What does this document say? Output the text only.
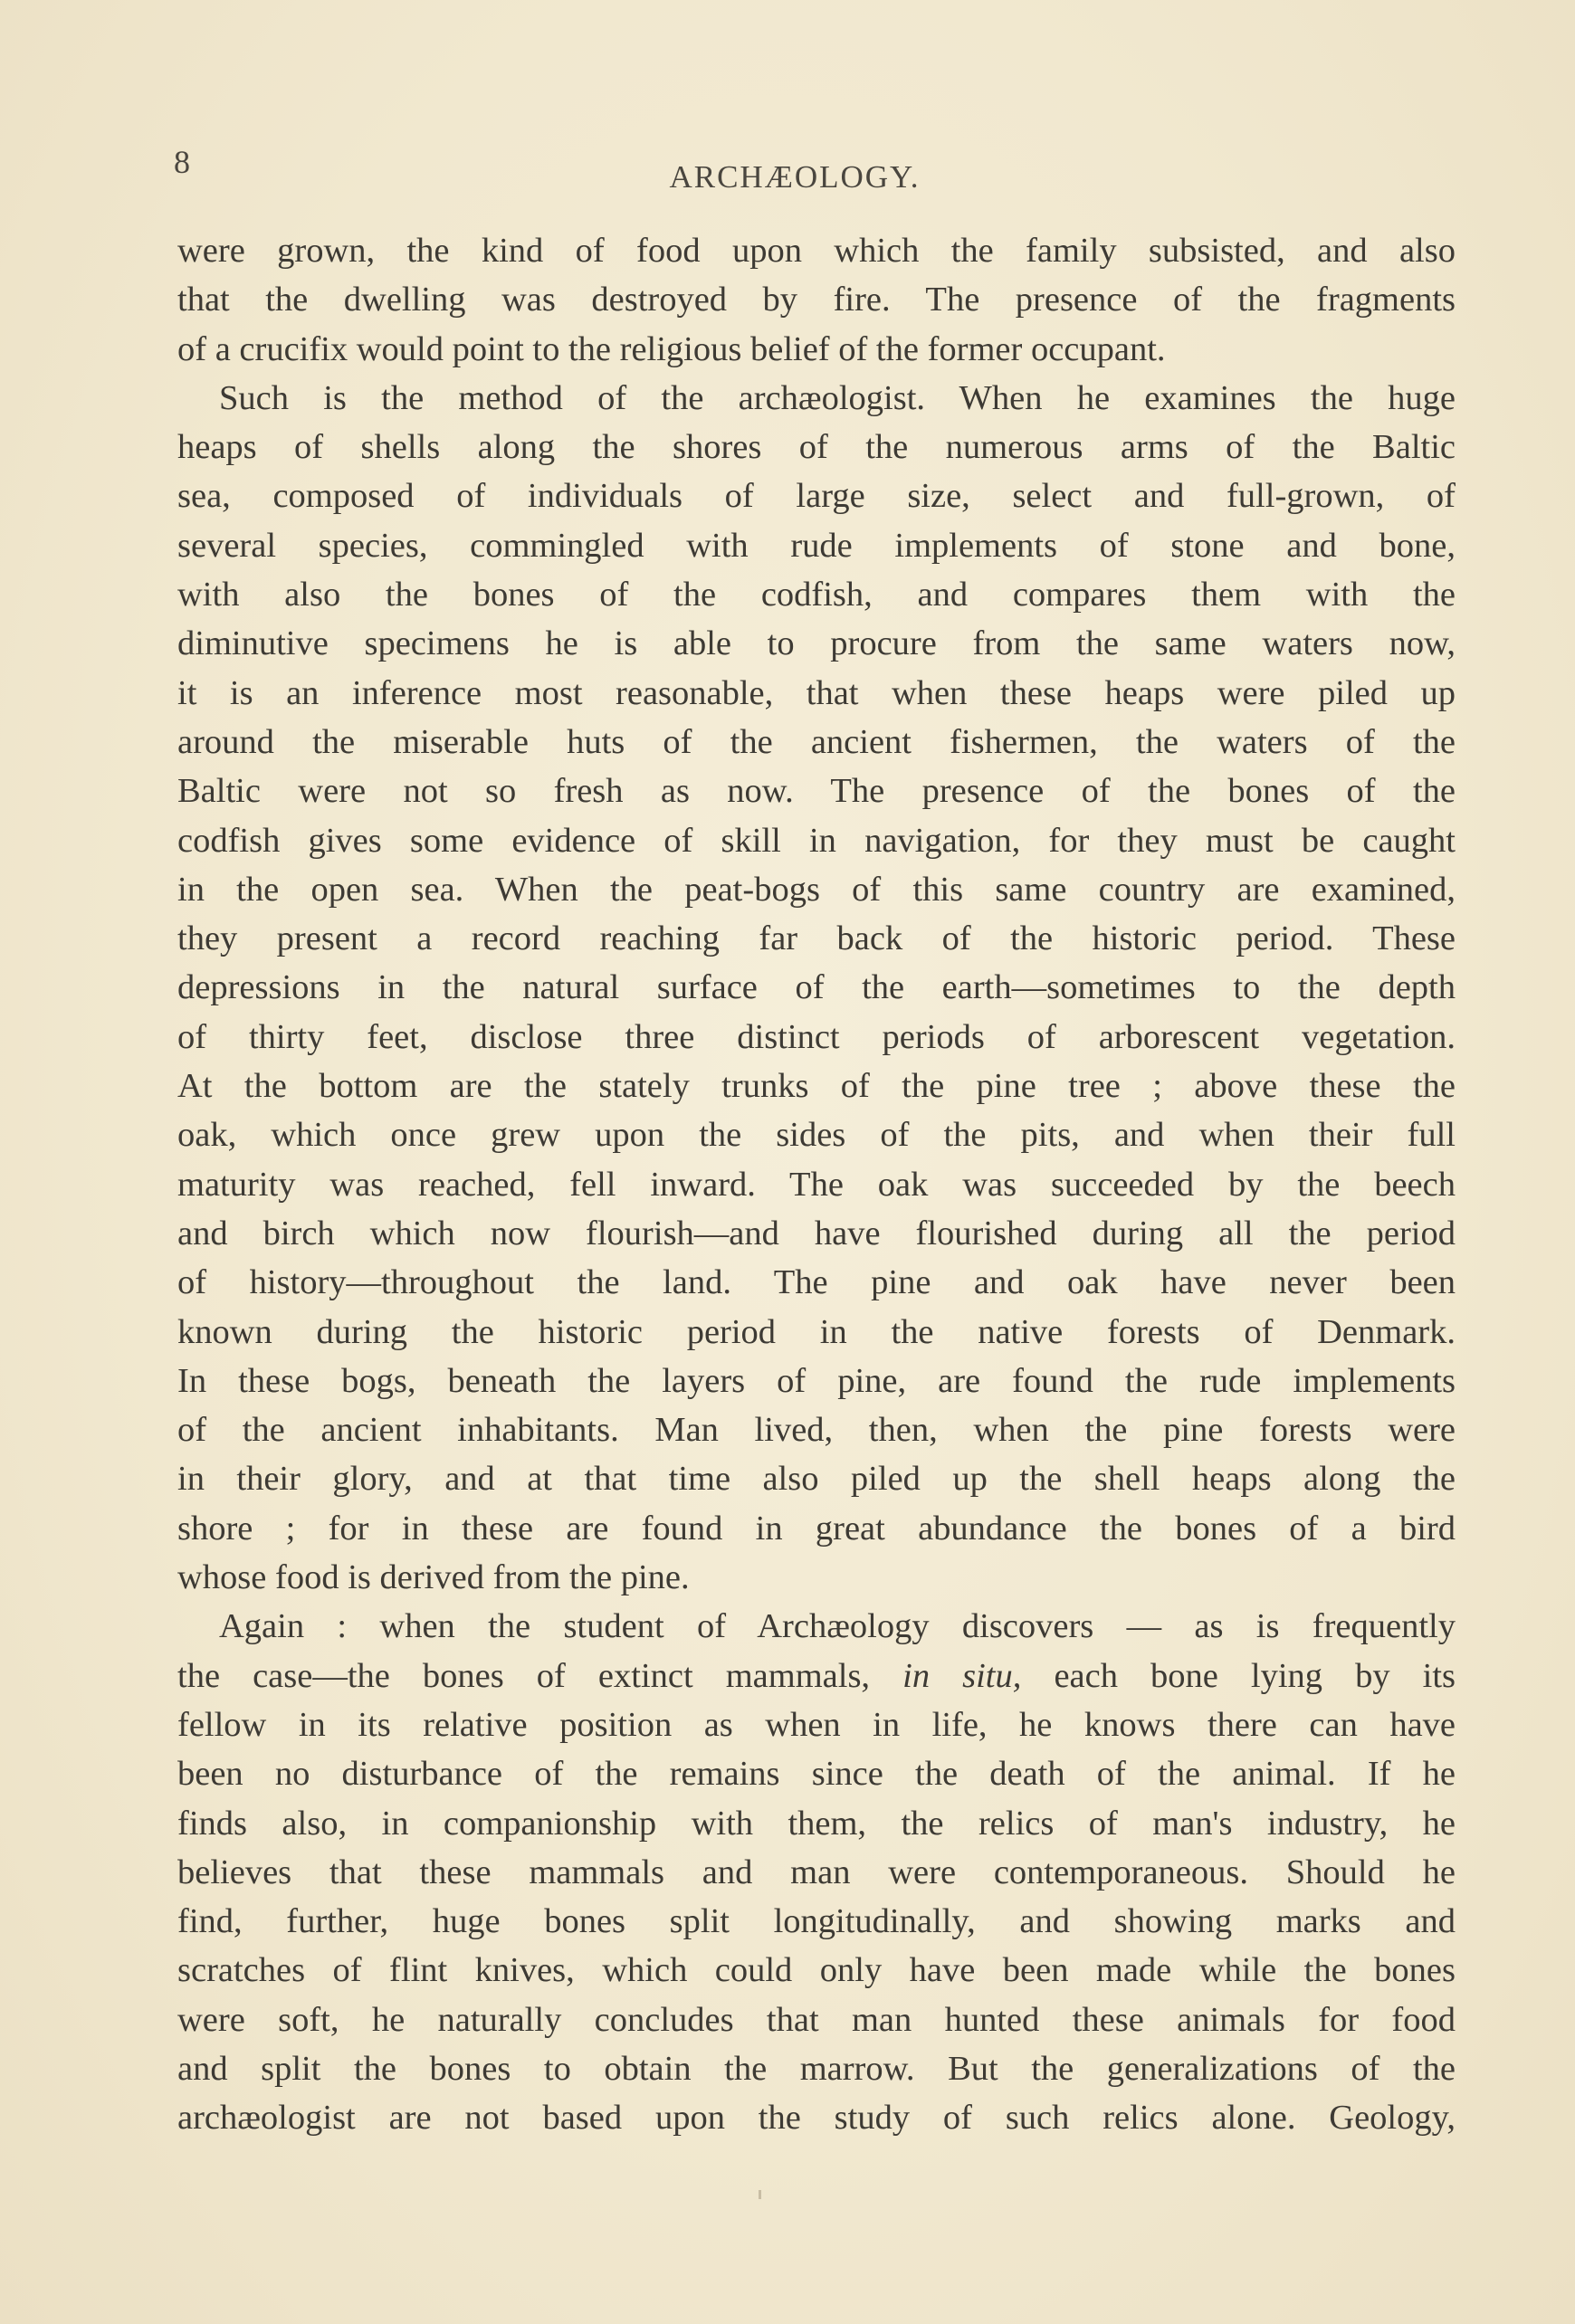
8	ARCHÆOLOGY.
were grown, the kind of food upon which the family subsisted, and also
that the dwelling was destroyed by fire. The presence of the fragments
of a crucifix would point to the religious belief of the former occupant.
Such is the method of the archæologist. When he examines the huge
heaps of shells along the shores of the numerous arms of the Baltic
sea, composed of individuals of large size, select and full-grown, of
several species, commingled with rude implements of stone and bone,
with also the bones of the codfish, and compares them with the
diminutive specimens he is able to procure from the same waters now,
it is an inference most reasonable, that when these heaps were piled up
around the miserable huts of the ancient fishermen, the waters of the
Baltic were not so fresh as now. The presence of the bones of the
codfish gives some evidence of skill in navigation, for they must be caught
in the open sea. When the peat-bogs of this same country are examined,
they present a record reaching far back of the historic period. These
depressions in the natural surface of the earth—sometimes to the depth
of thirty feet, disclose three distinct periods of arborescent vegetation.
At the bottom are the stately trunks of the pine tree ; above these the
oak, which once grew upon the sides of the pits, and when their full
maturity was reached, fell inward. The oak was succeeded by the beech
and birch which now flourish—and have flourished during all the period
of history—throughout the land. The pine and oak have never been
known during the historic period in the native forests of Denmark.
In these bogs, beneath the layers of pine, are found the rude implements
of the ancient inhabitants. Man lived, then, when the pine forests were
in their glory, and at that time also piled up the shell heaps along the
shore ; for in these are found in great abundance the bones of a bird
whose food is derived from the pine.
Again : when the student of Archæology discovers — as is frequently
the case—the bones of extinct mammals, in situ, each bone lying by its
fellow in its relative position as when in life, he knows there can have
been no disturbance of the remains since the death of the animal. If he
finds also, in companionship with them, the relics of man's industry, he
believes that these mammals and man were contemporaneous. Should he
find, further, huge bones split longitudinally, and showing marks and
scratches of flint knives, which could only have been made while the bones
were soft, he naturally concludes that man hunted these animals for food
and split the bones to obtain the marrow. But the generalizations of the
archæologist are not based upon the study of such relics alone. Geology,
